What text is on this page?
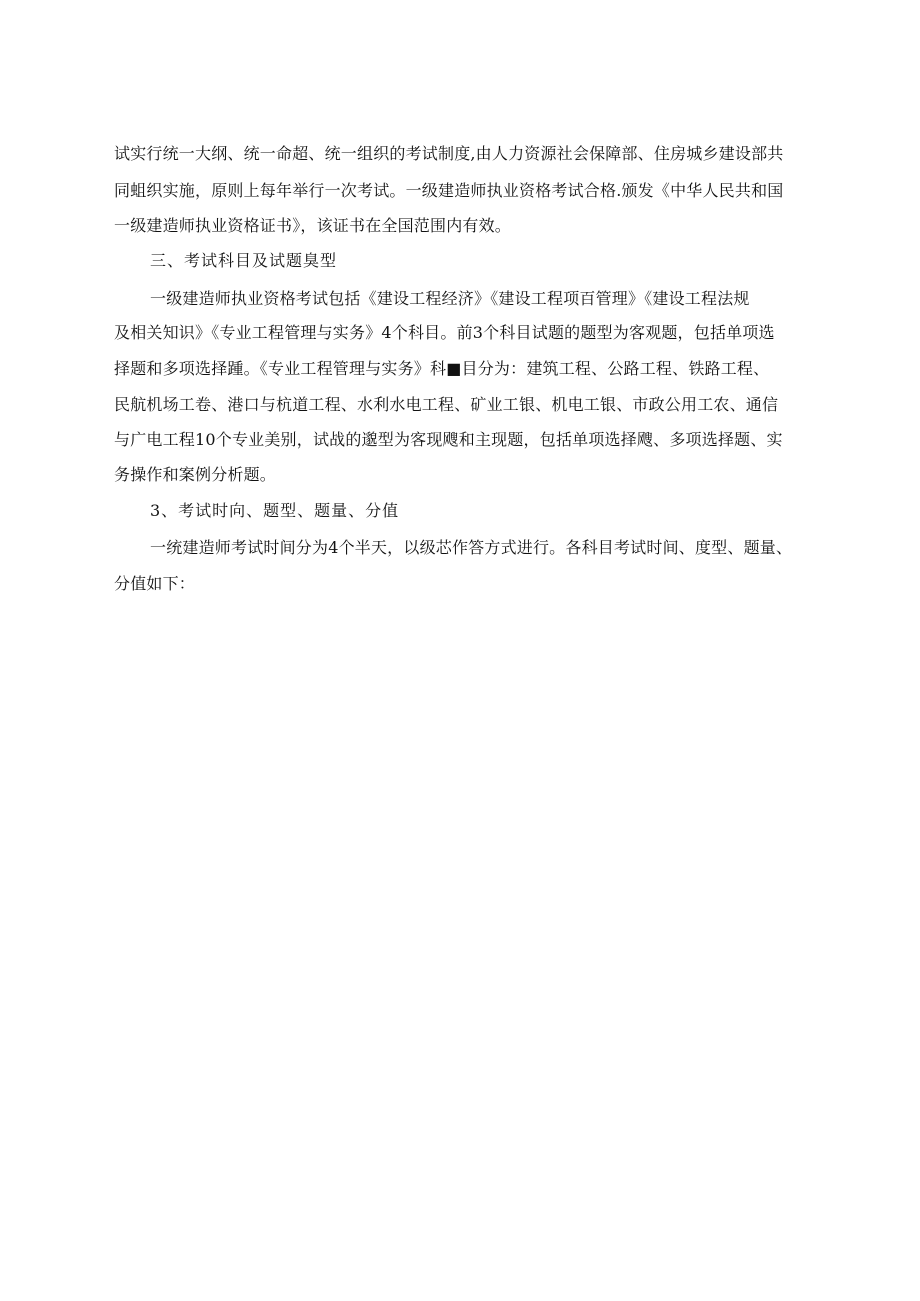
试实行统一大纲、统一命超、统一组织的考试制度,由人力资源社会保障部、住房城乡建设部共
同蛆织实施，原则上每年举行一次考试。一级建造师执业资格考试合格.颁发《中华人民共和国
一级建造师执业资格证书》，该证书在全国范围内有效。
三、考试科目及试题臭型
一级建造师执业资格考试包括《建设工程经济》《建设工程项百管理》《建设工程法规
及相关知识》《专业工程管理与实务》4个科目。前3个科目试题的题型为客观题，包括单项选
择题和多项选择踵。《专业工程管理与实务》科■目分为：建筑工程、公路工程、铁路工程、
民航机场工卷、港口与杭道工程、水利水电工程、矿业工银、机电工银、市政公用工农、通信
与广电工程10个专业美别，试战的邈型为客现飕和主现题，包括单项选择飕、多项选择题、实
务操作和案例分析题。
3、考试时向、题型、题量、分值
一统建造师考试时间分为4个半天，以级芯作答方式进行。各科目考试时间、度型、题量、
分值如下：
